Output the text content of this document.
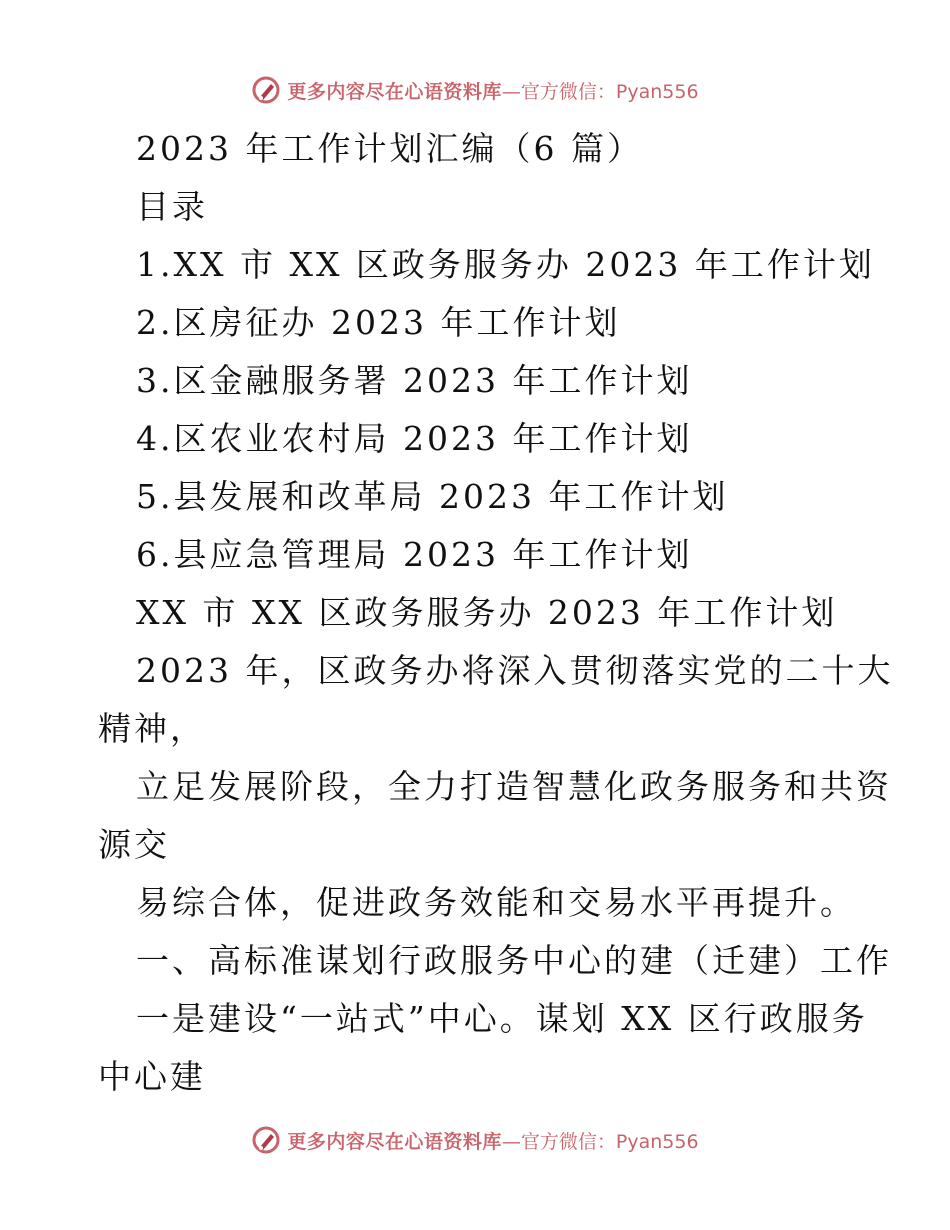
更多内容尽在心语资料库 —官方微信：Pyan556

2023 年工作计划汇编（6 篇）

目录

1.XX 市 XX 区政务服务办 2023 年工作计划

2.区房征办 2023 年工作计划

3.区金融服务署 2023 年工作计划

4.区农业农村局 2023 年工作计划

5.县发展和改革局 2023 年工作计划

6.县应急管理局 2023 年工作计划

XX 市 XX 区政务服务办 2023 年工作计划

2023 年，区政务办将深入贯彻落实党的二十大

精神，

立足发展阶段，全力打造智慧化政务服务和共资

源交

易综合体，促进政务效能和交易水平再提升。

一、高标准谋划行政服务中心的建（迁建）工作

一是建设“一站式”中心。谋划 XX 区行政服务

中心建

更多内容尽在心语资料库 —官方微信：Pyan556
